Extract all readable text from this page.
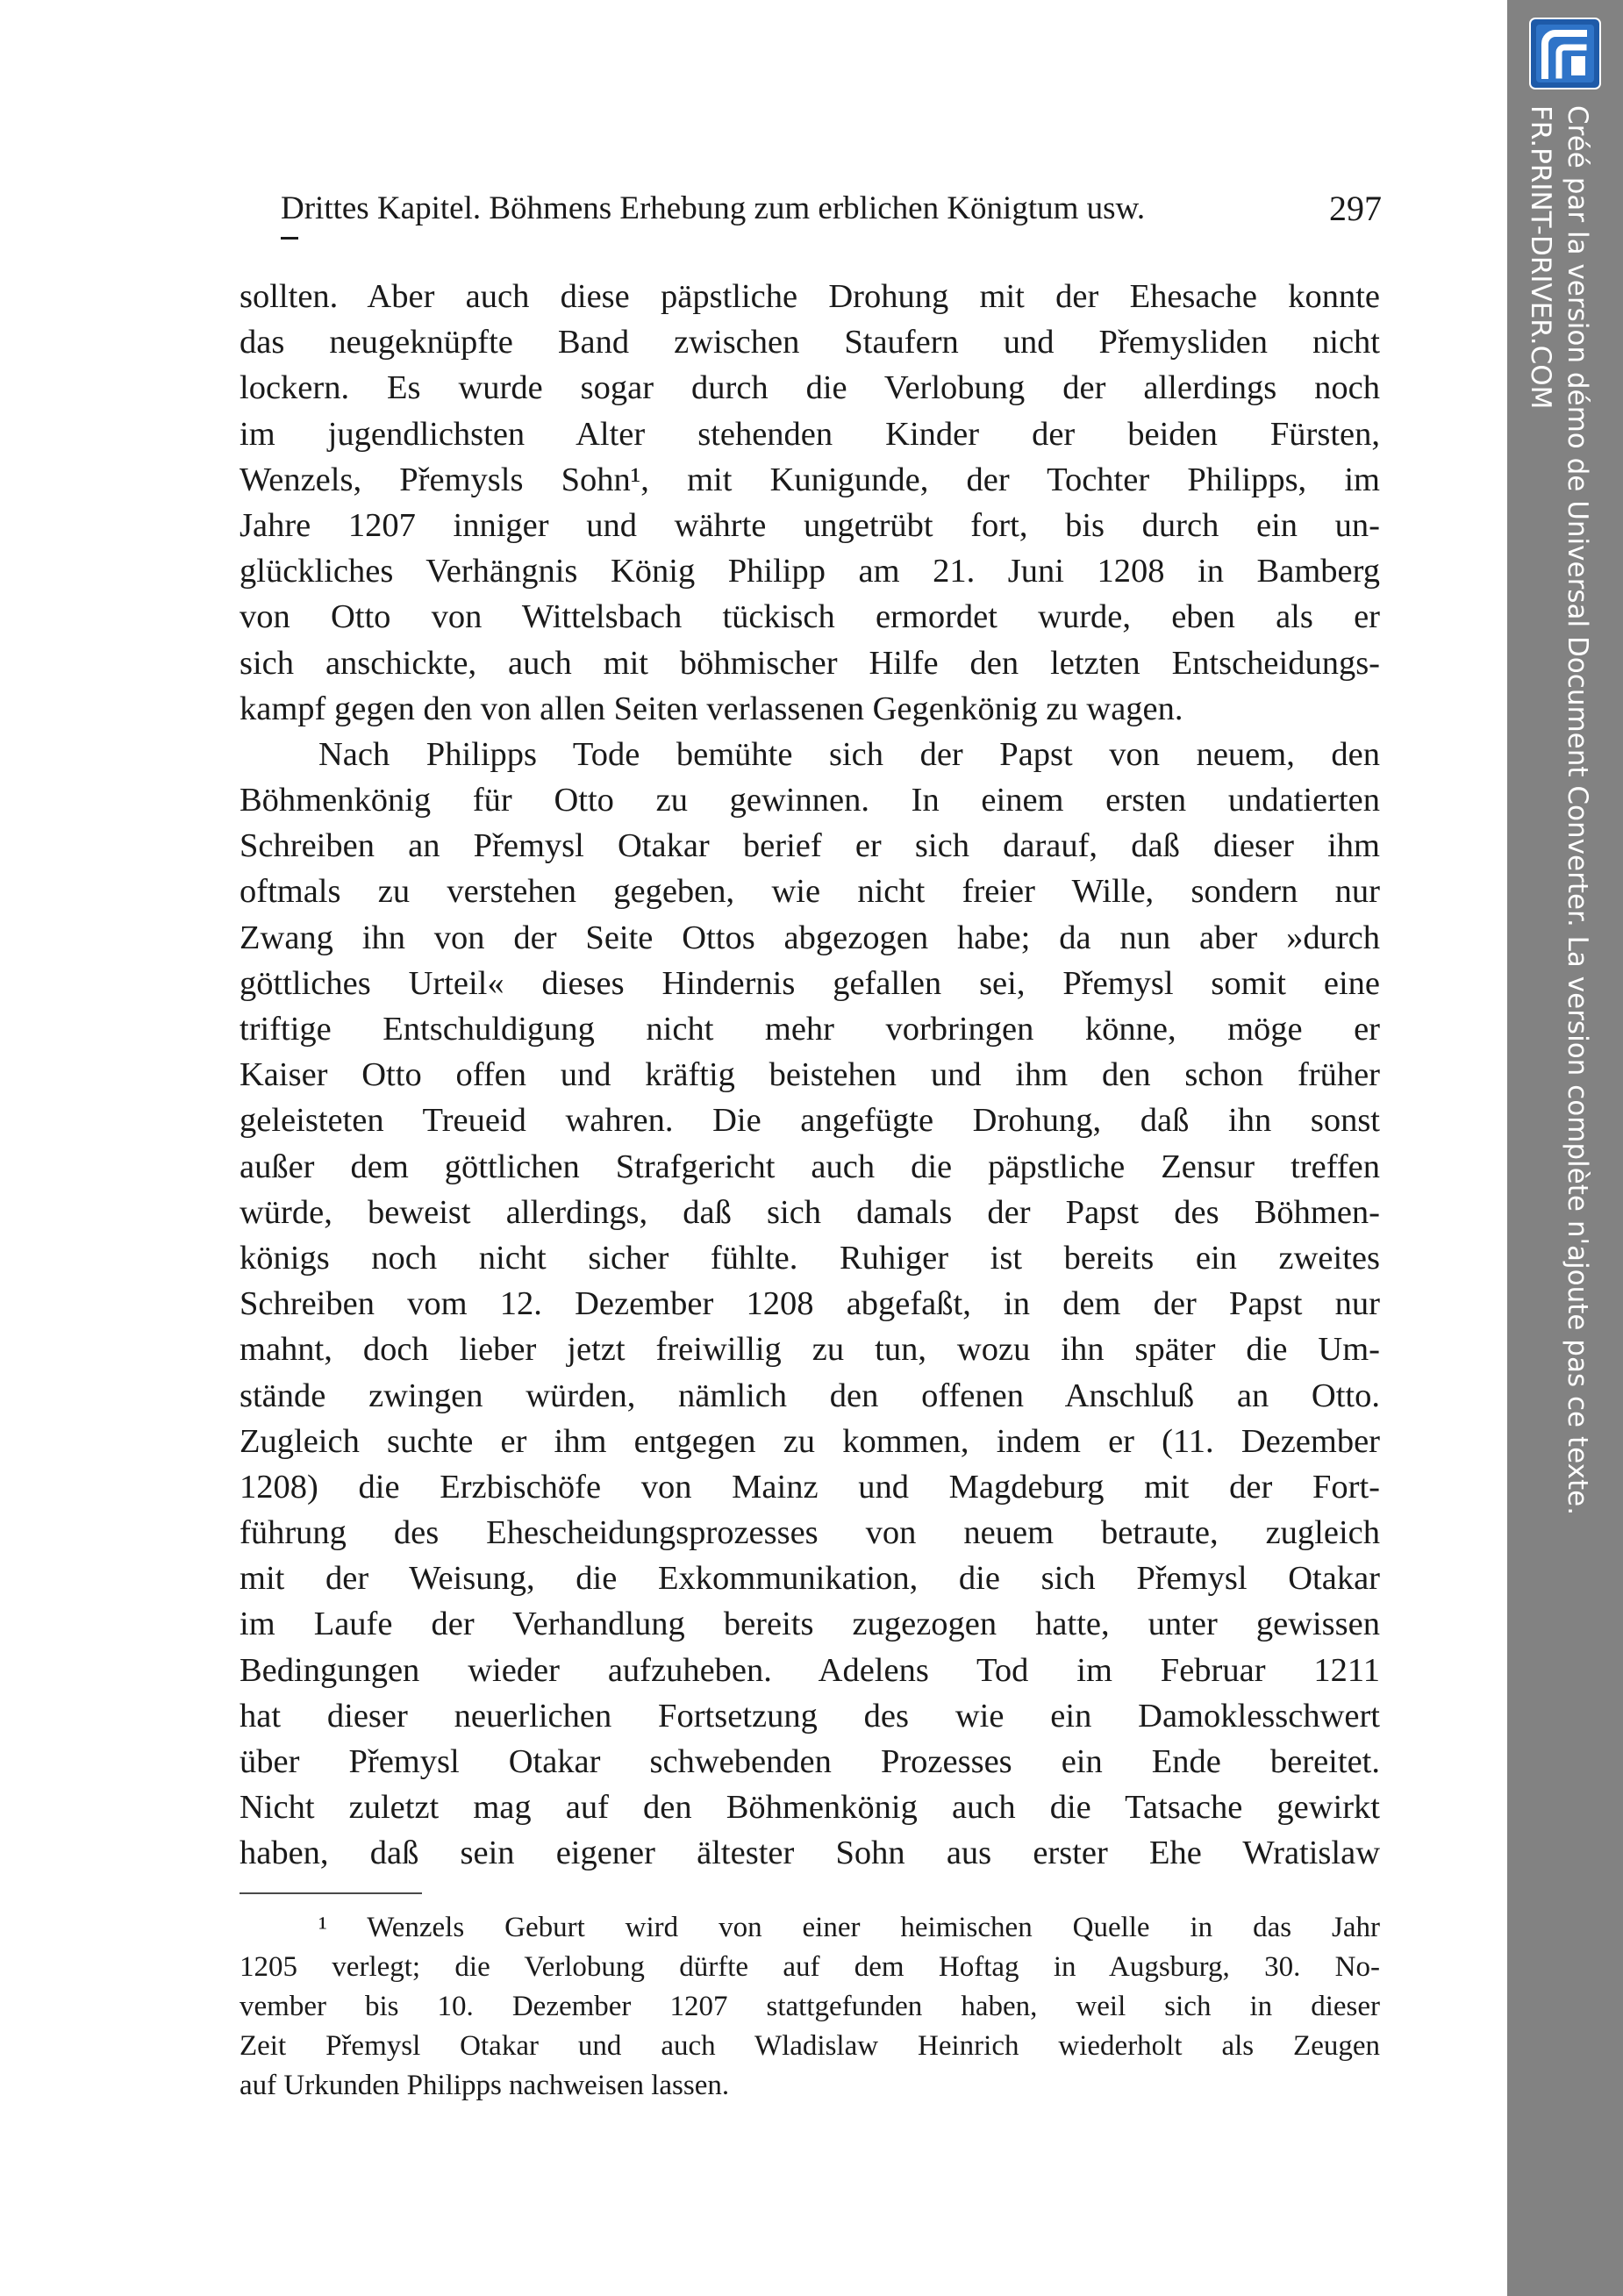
Drittes Kapitel. Böhmens Erhebung zum erblichen Königtum usw.	297
sollten. Aber auch diese päpstliche Drohung mit der Ehesache konnte
das neugeknüpfte Band zwischen Staufern und Přemysliden nicht
lockern. Es wurde sogar durch die Verlobung der allerdings noch
im jugendlichsten Alter stehenden Kinder der beiden Fürsten,
Wenzels, Přemysls Sohn¹, mit Kunigunde, der Tochter Philipps, im
Jahre 1207 inniger und währte ungetrübt fort, bis durch ein un-
glückliches Verhängnis König Philipp am 21. Juni 1208 in Bamberg
von Otto von Wittelsbach tückisch ermordet wurde, eben als er
sich anschickte, auch mit böhmischer Hilfe den letzten Entscheidungs-
kampf gegen den von allen Seiten verlassenen Gegenkönig zu wagen.
Nach Philipps Tode bemühte sich der Papst von neuem, den
Böhmenkönig für Otto zu gewinnen. In einem ersten undatierten
Schreiben an Přemysl Otakar berief er sich darauf, daß dieser ihm
oftmals zu verstehen gegeben, wie nicht freier Wille, sondern nur
Zwang ihn von der Seite Ottos abgezogen habe; da nun aber »durch
göttliches Urteil« dieses Hindernis gefallen sei, Přemysl somit eine
triftige Entschuldigung nicht mehr vorbringen könne, möge er
Kaiser Otto offen und kräftig beistehen und ihm den schon früher
geleisteten Treueid wahren. Die angefügte Drohung, daß ihn sonst
außer dem göttlichen Strafgericht auch die päpstliche Zensur treffen
würde, beweist allerdings, daß sich damals der Papst des Böhmen-
königs noch nicht sicher fühlte. Ruhiger ist bereits ein zweites
Schreiben vom 12. Dezember 1208 abgefaßt, in dem der Papst nur
mahnt, doch lieber jetzt freiwillig zu tun, wozu ihn später die Um-
stände zwingen würden, nämlich den offenen Anschluß an Otto.
Zugleich suchte er ihm entgegen zu kommen, indem er (11. Dezember
1208) die Erzbischöfe von Mainz und Magdeburg mit der Fort-
führung des Ehescheidungsprozesses von neuem betraute, zugleich
mit der Weisung, die Exkommunikation, die sich Přemysl Otakar
im Laufe der Verhandlung bereits zugezogen hatte, unter gewissen
Bedingungen wieder aufzuheben. Adelens Tod im Februar 1211
hat dieser neuerlichen Fortsetzung des wie ein Damoklesschwert
über Přemysl Otakar schwebenden Prozesses ein Ende bereitet.
Nicht zuletzt mag auf den Böhmenkönig auch die Tatsache gewirkt
haben, daß sein eigener ältester Sohn aus erster Ehe Wratislaw
¹ Wenzels Geburt wird von einer heimischen Quelle in das Jahr
1205 verlegt; die Verlobung dürfte auf dem Hoftag in Augsburg, 30. No-
vember bis 10. Dezember 1207 stattgefunden haben, weil sich in dieser
Zeit Přemysl Otakar und auch Wladislaw Heinrich wiederholt als Zeugen
auf Urkunden Philipps nachweisen lassen.
Créé par la version démo de Universal Document Converter. La version complète n'ajoute pas ce texte.
FR.PRINT-DRIVER.COM
